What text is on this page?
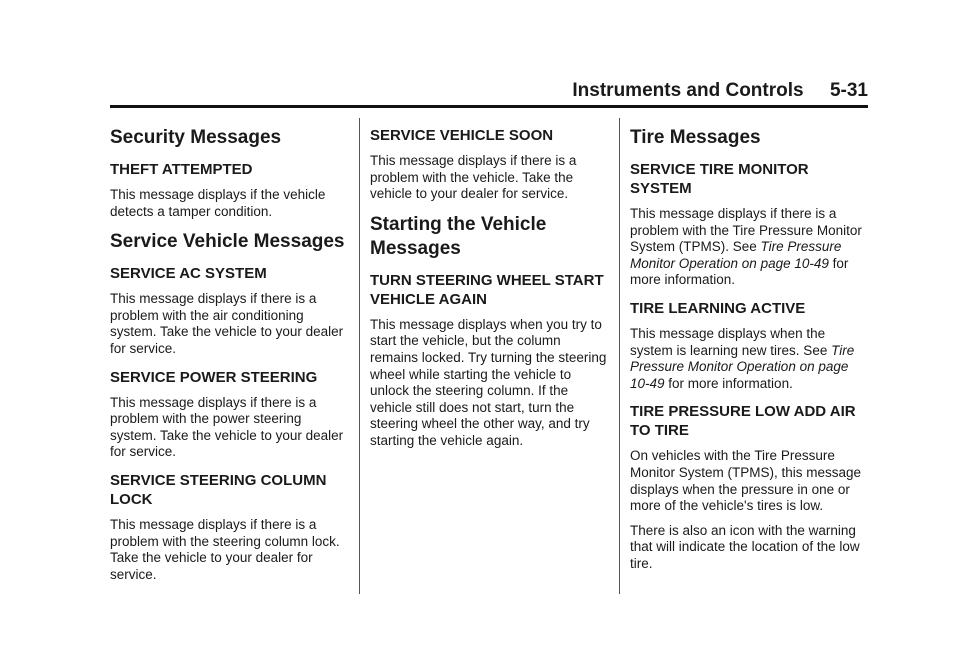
Instruments and Controls     5-31
Security Messages
THEFT ATTEMPTED

This message displays if the vehicle detects a tamper condition.

Service Vehicle Messages
SERVICE AC SYSTEM

This message displays if there is a problem with the air conditioning system. Take the vehicle to your dealer for service.

SERVICE POWER STEERING

This message displays if there is a problem with the power steering system. Take the vehicle to your dealer for service.

SERVICE STEERING COLUMN LOCK

This message displays if there is a problem with the steering column lock. Take the vehicle to your dealer for service.

SERVICE VEHICLE SOON

This message displays if there is a problem with the vehicle. Take the vehicle to your dealer for service.

Starting the Vehicle Messages
TURN STEERING WHEEL START VEHICLE AGAIN

This message displays when you try to start the vehicle, but the column remains locked. Try turning the steering wheel while starting the vehicle to unlock the steering column. If the vehicle still does not start, turn the steering wheel the other way, and try starting the vehicle again.

Tire Messages
SERVICE TIRE MONITOR SYSTEM

This message displays if there is a problem with the Tire Pressure Monitor System (TPMS). See Tire Pressure Monitor Operation on page 10-49 for more information.

TIRE LEARNING ACTIVE

This message displays when the system is learning new tires. See Tire Pressure Monitor Operation on page 10-49 for more information.

TIRE PRESSURE LOW ADD AIR TO TIRE

On vehicles with the Tire Pressure Monitor System (TPMS), this message displays when the pressure in one or more of the vehicle's tires is low.

There is also an icon with the warning that will indicate the location of the low tire.
